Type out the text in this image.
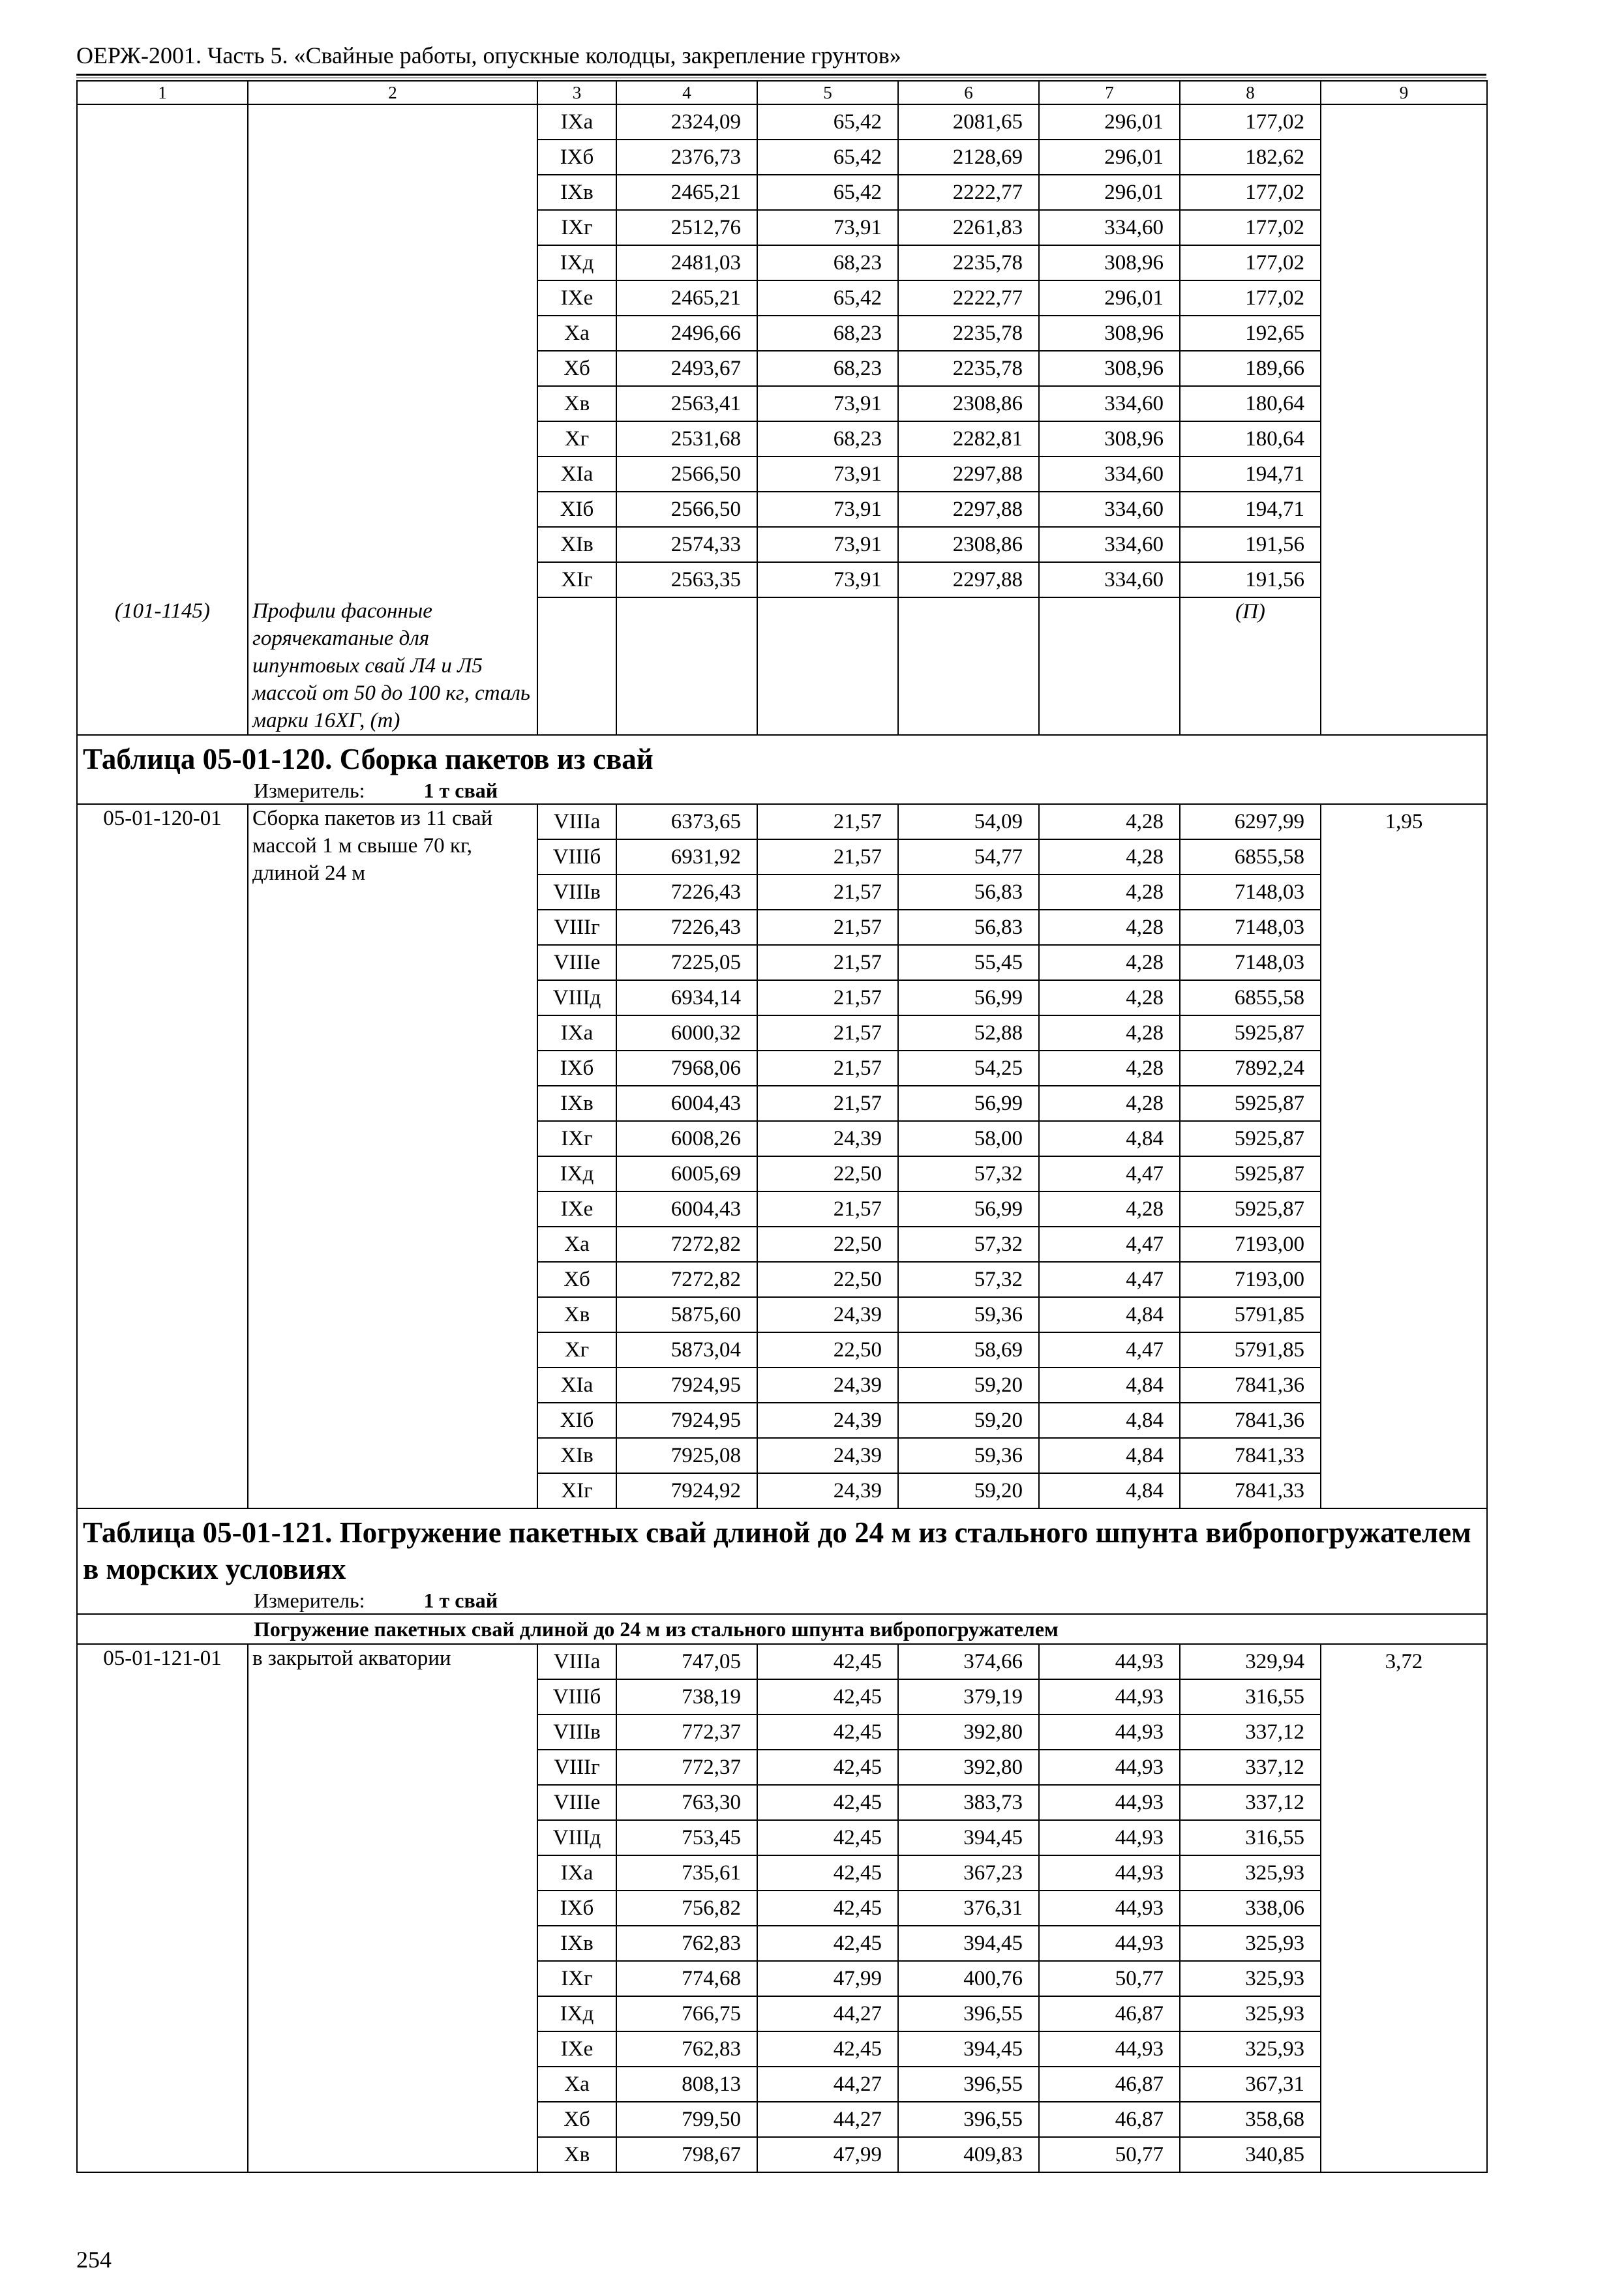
ОЕРЖ-2001. Часть 5. «Свайные работы, опускные колодцы, закрепление грунтов»
1	2	3	4	5	6	7	8	9
		IXа	2324,09	65,42	2081,65	296,01	177,02	
		IXб	2376,73	65,42	2128,69	296,01	182,62	
		IXв	2465,21	65,42	2222,77	296,01	177,02	
		IXг	2512,76	73,91	2261,83	334,60	177,02	
		IXд	2481,03	68,23	2235,78	308,96	177,02	
		IXе	2465,21	65,42	2222,77	296,01	177,02	
		Xа	2496,66	68,23	2235,78	308,96	192,65	
		Xб	2493,67	68,23	2235,78	308,96	189,66	
		Xв	2563,41	73,91	2308,86	334,60	180,64	
		Xг	2531,68	68,23	2282,81	308,96	180,64	
		XIа	2566,50	73,91	2297,88	334,60	194,71	
		XIб	2566,50	73,91	2297,88	334,60	194,71	
		XIв	2574,33	73,91	2308,86	334,60	191,56	
		XIг	2563,35	73,91	2297,88	334,60	191,56	
(101-1145)	Профили фасонные горячекатаные для шпунтовых свай Л4 и Л5 массой от 50 до 100 кг, сталь марки 16ХГ, (т)						(П)	
Таблица 05-01-120. Сборка пакетов из свай								
Измеритель: 1 т свай								
05-01-120-01	Сборка пакетов из 11 свай массой 1 м свыше 70 кг, длиной 24 м	VIIIа	6373,65	21,57	54,09	4,28	6297,99	1,95
		VIIIб	6931,92	21,57	54,77	4,28	6855,58	
		VIIIв	7226,43	21,57	56,83	4,28	7148,03	
		VIIIг	7226,43	21,57	56,83	4,28	7148,03	
		VIIIе	7225,05	21,57	55,45	4,28	7148,03	
		VIIIд	6934,14	21,57	56,99	4,28	6855,58	
		IXа	6000,32	21,57	52,88	4,28	5925,87	
		IXб	7968,06	21,57	54,25	4,28	7892,24	
		IXв	6004,43	21,57	56,99	4,28	5925,87	
		IXг	6008,26	24,39	58,00	4,84	5925,87	
		IXд	6005,69	22,50	57,32	4,47	5925,87	
		IXе	6004,43	21,57	56,99	4,28	5925,87	
		Xа	7272,82	22,50	57,32	4,47	7193,00	
		Xб	7272,82	22,50	57,32	4,47	7193,00	
		Xв	5875,60	24,39	59,36	4,84	5791,85	
		Xг	5873,04	22,50	58,69	4,47	5791,85	
		XIа	7924,95	24,39	59,20	4,84	7841,36	
		XIб	7924,95	24,39	59,20	4,84	7841,36	
		XIв	7925,08	24,39	59,36	4,84	7841,33	
		XIг	7924,92	24,39	59,20	4,84	7841,33	
Таблица 05-01-121. Погружение пакетных свай длиной до 24 м из стального шпунта вибропогружателем в морских условиях								
Измеритель: 1 т свай								
Погружение пакетных свай длиной до 24 м из стального шпунта вибропогружателем								
05-01-121-01	в закрытой акватории	VIIIа	747,05	42,45	374,66	44,93	329,94	3,72
		VIIIб	738,19	42,45	379,19	44,93	316,55	
		VIIIв	772,37	42,45	392,80	44,93	337,12	
		VIIIг	772,37	42,45	392,80	44,93	337,12	
		VIIIе	763,30	42,45	383,73	44,93	337,12	
		VIIIд	753,45	42,45	394,45	44,93	316,55	
		IXа	735,61	42,45	367,23	44,93	325,93	
		IXб	756,82	42,45	376,31	44,93	338,06	
		IXв	762,83	42,45	394,45	44,93	325,93	
		IXг	774,68	47,99	400,76	50,77	325,93	
		IXд	766,75	44,27	396,55	46,87	325,93	
		IXе	762,83	42,45	394,45	44,93	325,93	
		Xа	808,13	44,27	396,55	46,87	367,31	
		Xб	799,50	44,27	396,55	46,87	358,68	
		Xв	798,67	47,99	409,83	50,77	340,85	
254
